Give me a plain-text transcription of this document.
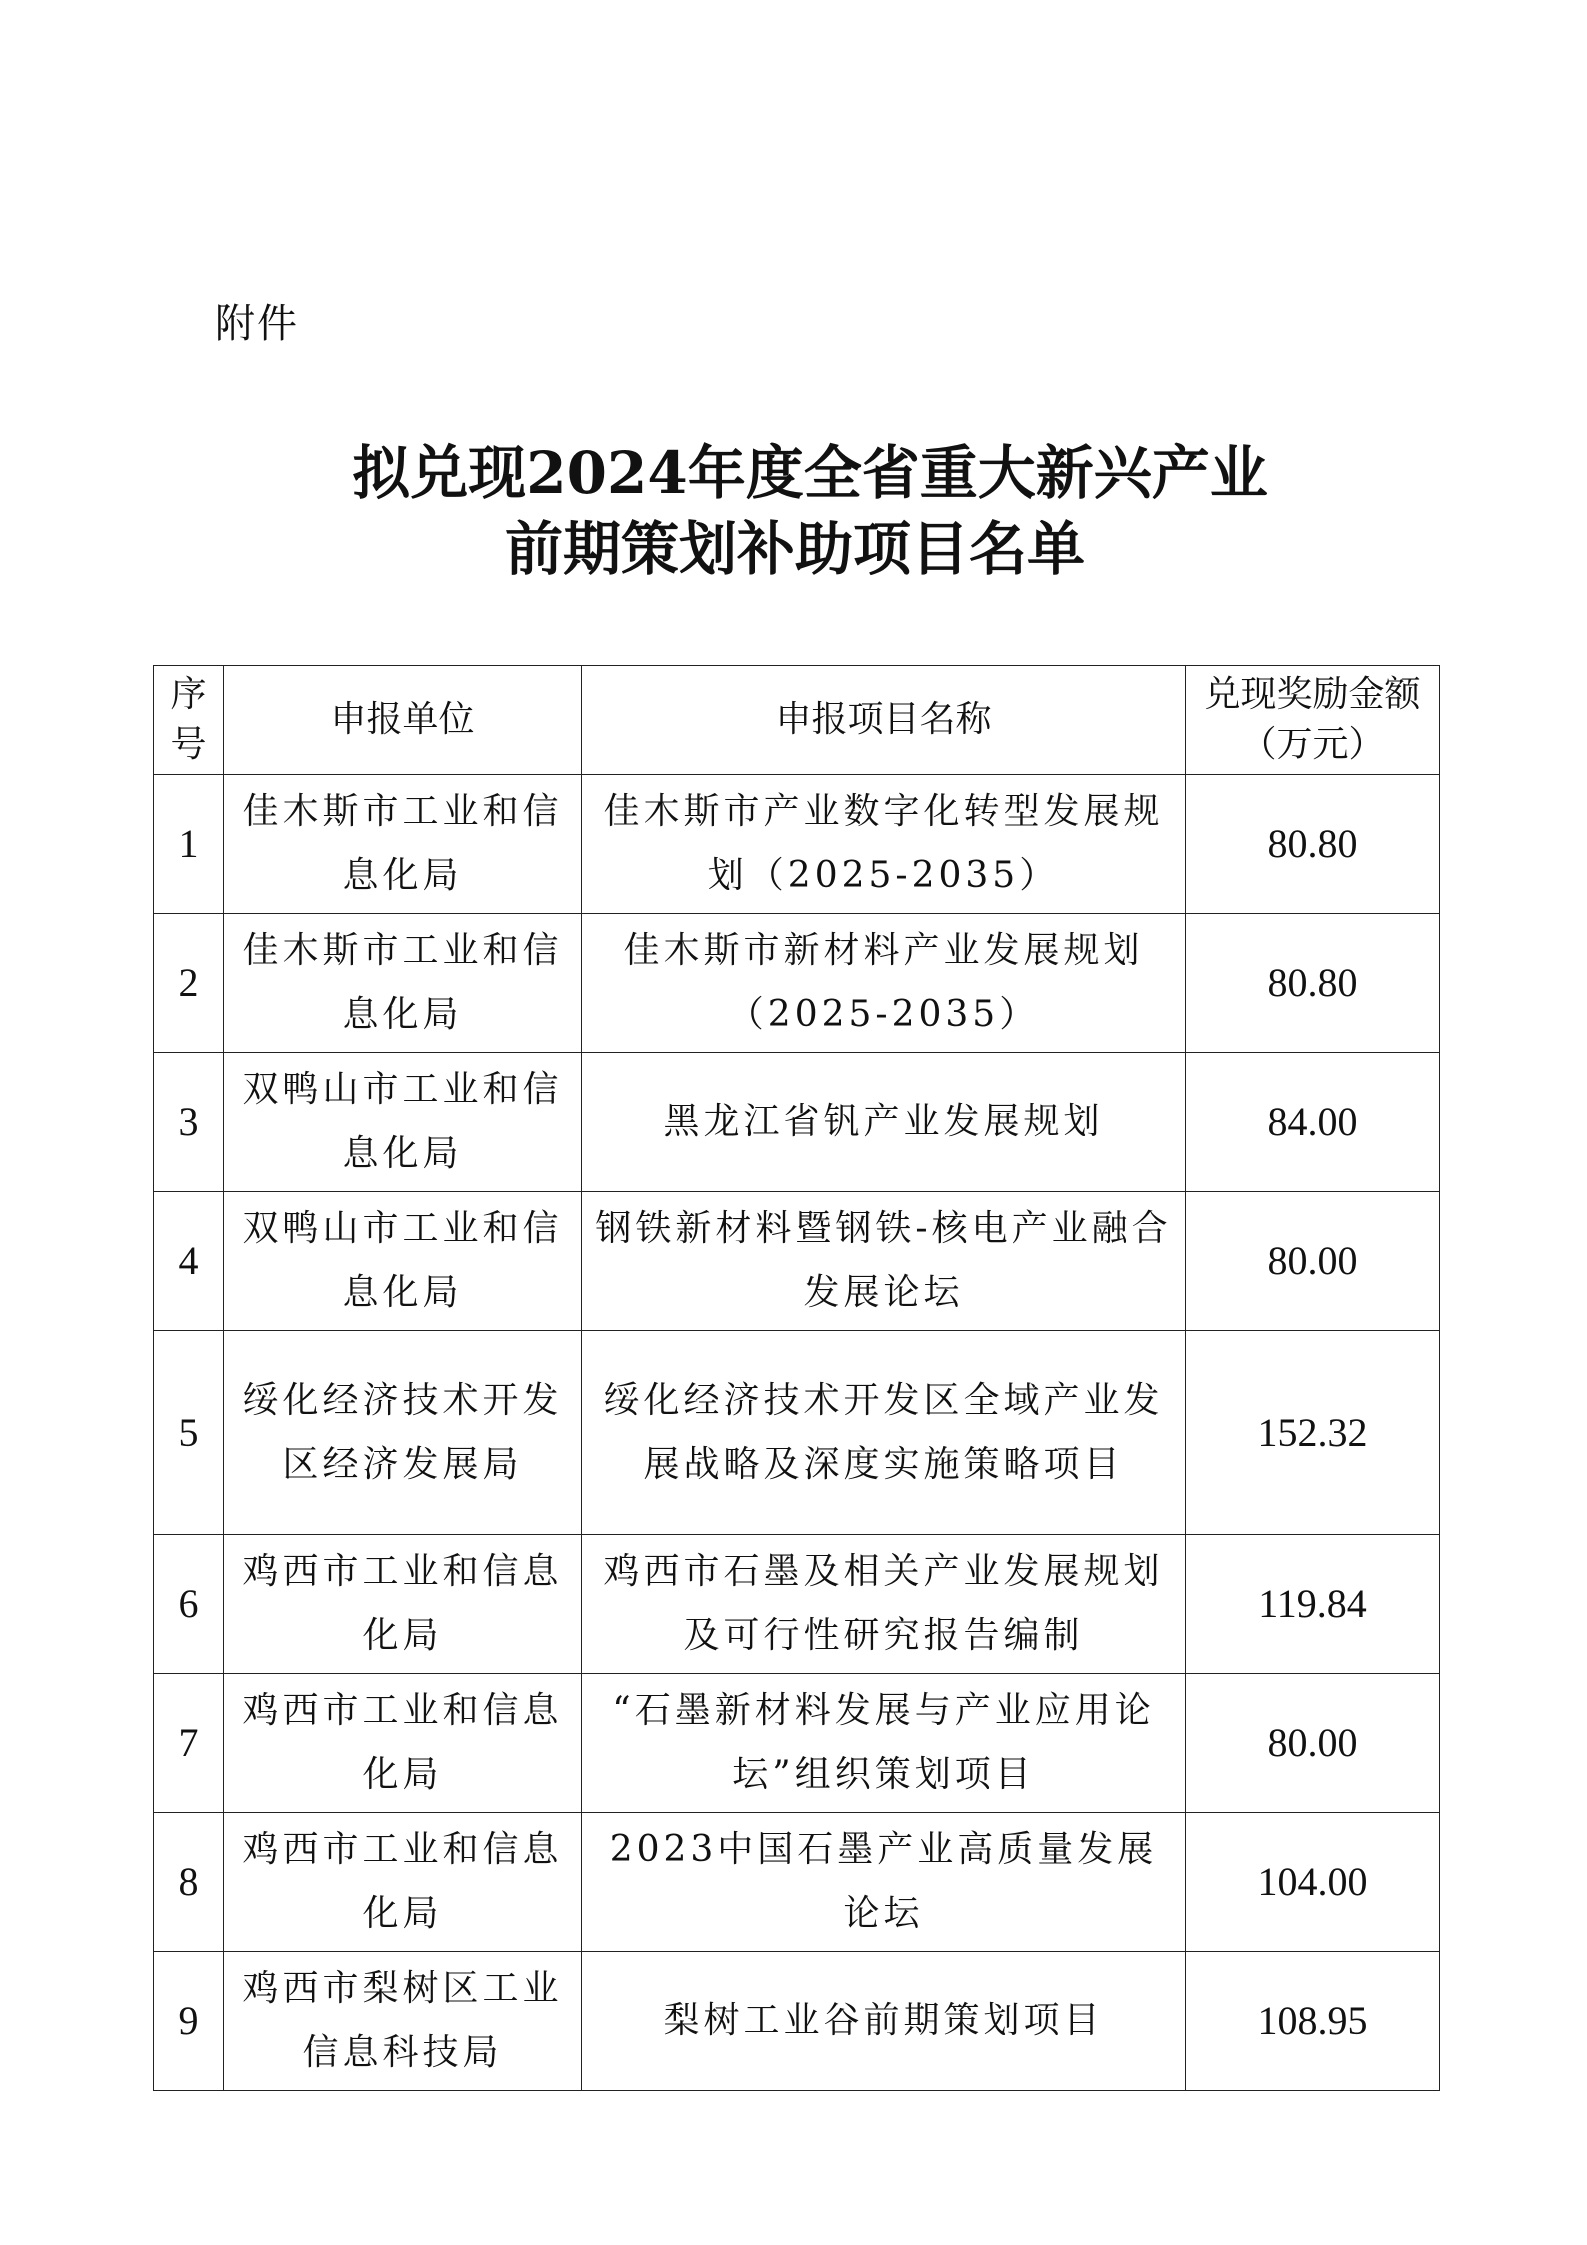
附件
拟兑现2024年度全省重大新兴产业
前期策划补助项目名单
序号	申报单位	申报项目名称	兑现奖励金额（万元）
1	佳木斯市工业和信息化局	佳木斯市产业数字化转型发展规划（2025-2035）	80.80
2	佳木斯市工业和信息化局	佳木斯市新材料产业发展规划（2025-2035）	80.80
3	双鸭山市工业和信息化局	黑龙江省钒产业发展规划	84.00
4	双鸭山市工业和信息化局	钢铁新材料暨钢铁-核电产业融合发展论坛	80.00
5	绥化经济技术开发区经济发展局	绥化经济技术开发区全域产业发展战略及深度实施策略项目	152.32
6	鸡西市工业和信息化局	鸡西市石墨及相关产业发展规划及可行性研究报告编制	119.84
7	鸡西市工业和信息化局	“石墨新材料发展与产业应用论坛”组织策划项目	80.00
8	鸡西市工业和信息化局	2023中国石墨产业高质量发展论坛	104.00
9	鸡西市梨树区工业信息科技局	梨树工业谷前期策划项目	108.95
